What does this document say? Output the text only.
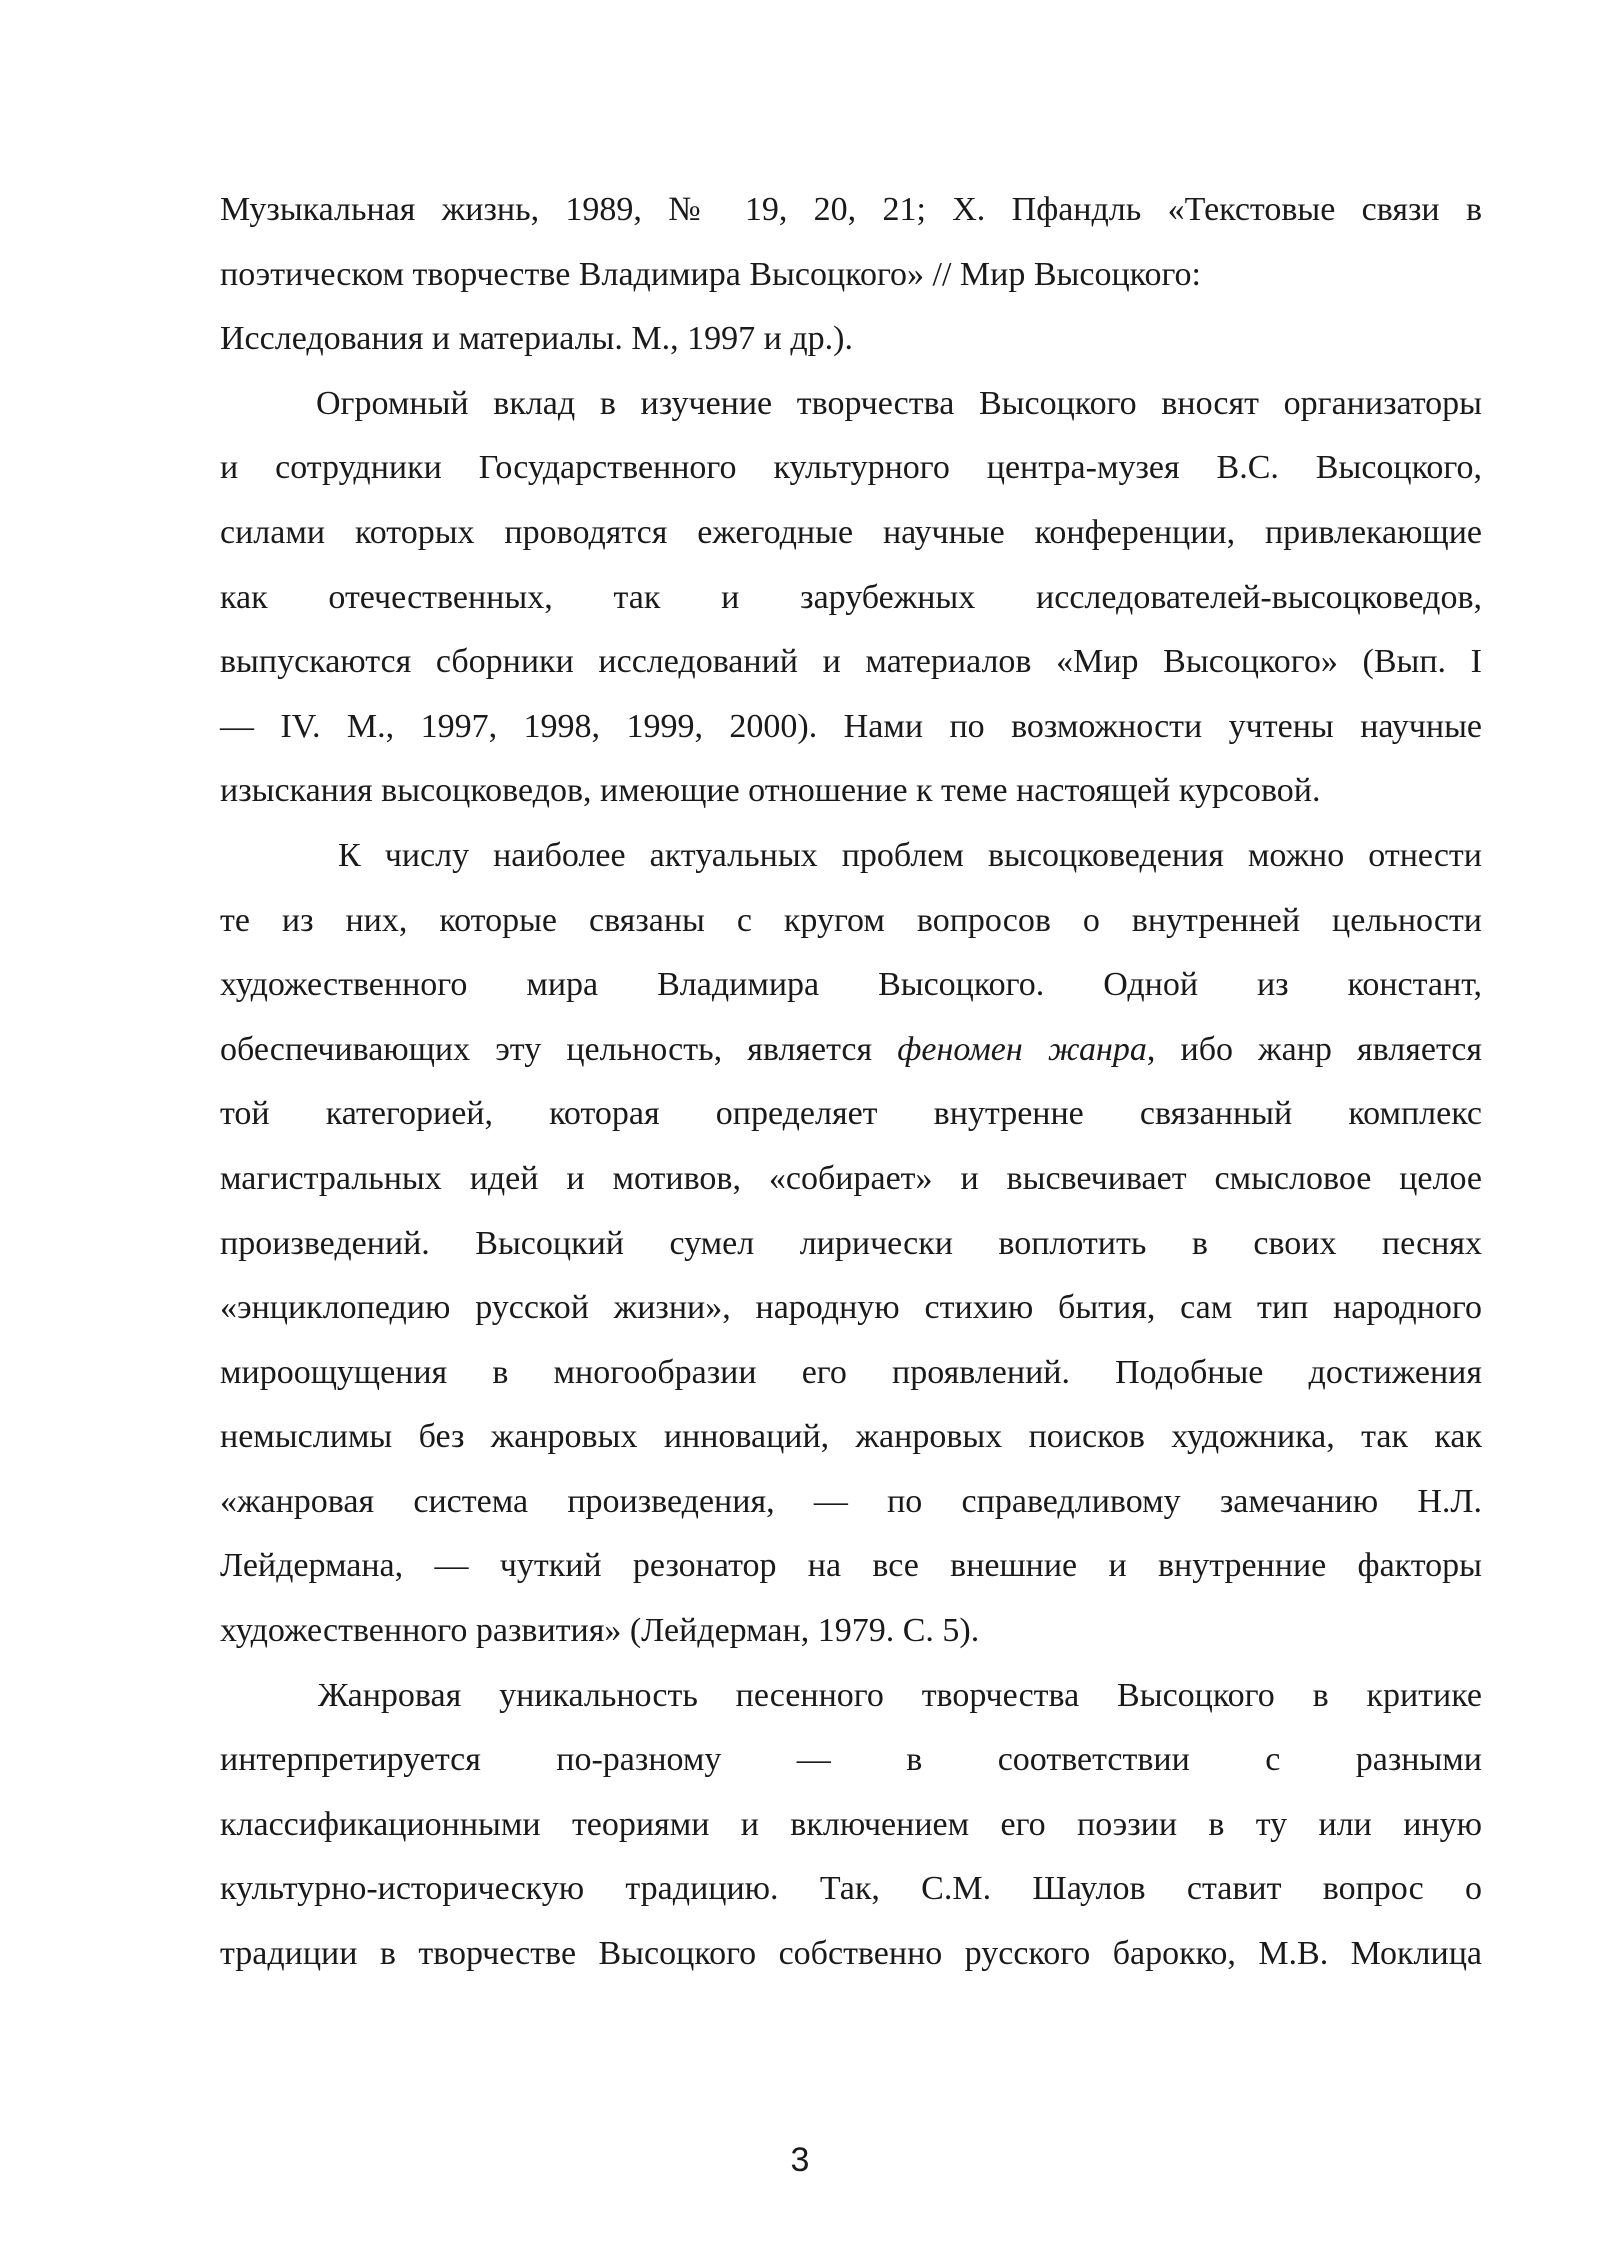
Музыкальная жизнь, 1989, № 19, 20, 21; Х. Пфандль «Текстовые связи в
поэтическом творчестве Владимира Высоцкого» // Мир Высоцкого:
Исследования и материалы. М., 1997 и др.).
Огромный вклад в изучение творчества Высоцкого вносят организаторы
и сотрудники Государственного культурного центра-музея В.С. Высоцкого,
силами которых проводятся ежегодные научные конференции, привлекающие
как отечественных, так и зарубежных исследователей-высоцковедов,
выпускаются сборники исследований и материалов «Мир Высоцкого» (Вып. I
— IV. М., 1997, 1998, 1999, 2000). Нами по возможности учтены научные
изыскания высоцковедов, имеющие отношение к теме настоящей курсовой.
К числу наиболее актуальных проблем высоцковедения можно отнести
те из них, которые связаны с кругом вопросов о внутренней цельности
художественного мира Владимира Высоцкого. Одной из констант,
обеспечивающих эту цельность, является феномен жанра, ибо жанр является
той категорией, которая определяет внутренне связанный комплекс
магистральных идей и мотивов, «собирает» и высвечивает смысловое целое
произведений. Высоцкий сумел лирически воплотить в своих песнях
«энциклопедию русской жизни», народную стихию бытия, сам тип народного
мироощущения в многообразии его проявлений. Подобные достижения
немыслимы без жанровых инноваций, жанровых поисков художника, так как
«жанровая система произведения, — по справедливому замечанию Н.Л.
Лейдермана, — чуткий резонатор на все внешние и внутренние факторы
художественного развития» (Лейдерман, 1979. С. 5).
Жанровая уникальность песенного творчества Высоцкого в критике
интерпретируется по-разному — в соответствии с разными
классификационными теориями и включением его поэзии в ту или иную
культурно-историческую традицию. Так, С.М. Шаулов ставит вопрос о
традиции в творчестве Высоцкого собственно русского барокко, М.В. Моклица
3
